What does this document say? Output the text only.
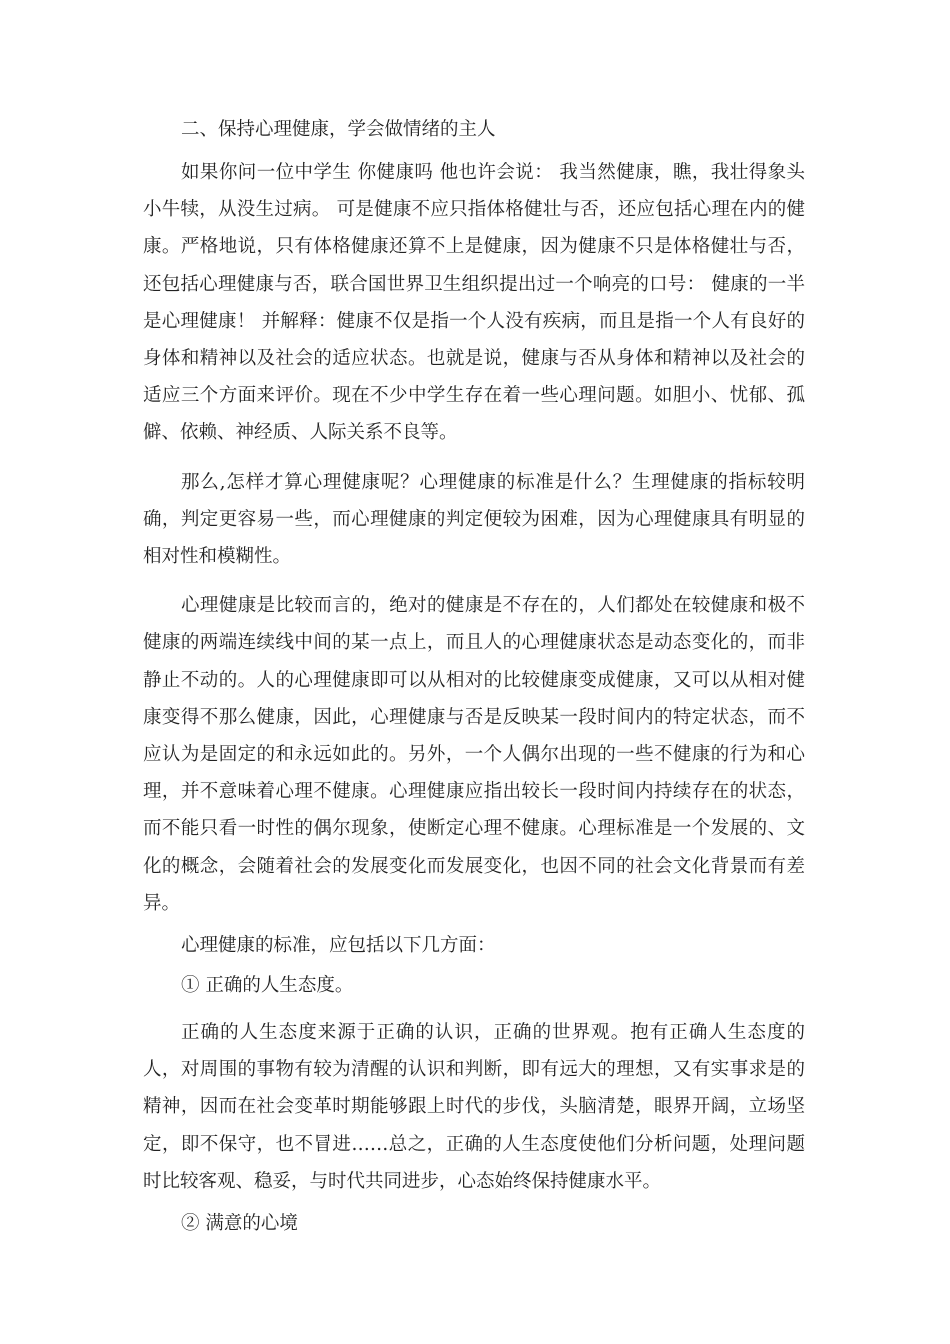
二、保持心理健康，学会做情绪的主人

如果你问一位中学生 你健康吗 他也许会说： 我当然健康，瞧，我壮得象头小牛犊，从没生过病。 可是健康不应只指体格健壮与否，还应包括心理在内的健康。严格地说，只有体格健康还算不上是健康，因为健康不只是体格健壮与否，还包括心理健康与否，联合国世界卫生组织提出过一个响亮的口号： 健康的一半是心理健康！ 并解释：健康不仅是指一个人没有疾病，而且是指一个人有良好的身体和精神以及社会的适应状态。也就是说，健康与否从身体和精神以及社会的适应三个方面来评价。现在不少中学生存在着一些心理问题。如胆小、忧郁、孤僻、依赖、神经质、人际关系不良等。

那么,怎样才算心理健康呢？心理健康的标准是什么？生理健康的指标较明确，判定更容易一些，而心理健康的判定便较为困难，因为心理健康具有明显的相对性和模糊性。

心理健康是比较而言的，绝对的健康是不存在的，人们都处在较健康和极不健康的两端连续线中间的某一点上，而且人的心理健康状态是动态变化的，而非静止不动的。人的心理健康即可以从相对的比较健康变成健康，又可以从相对健康变得不那么健康，因此，心理健康与否是反映某一段时间内的特定状态，而不应认为是固定的和永远如此的。另外，一个人偶尔出现的一些不健康的行为和心理，并不意味着心理不健康。心理健康应指出较长一段时间内持续存在的状态，而不能只看一时性的偶尔现象，使断定心理不健康。心理标准是一个发展的、文化的概念，会随着社会的发展变化而发展变化，也因不同的社会文化背景而有差异。

心理健康的标准，应包括以下几方面：

① 正确的人生态度。

正确的人生态度来源于正确的认识，正确的世界观。抱有正确人生态度的人，对周围的事物有较为清醒的认识和判断，即有远大的理想，又有实事求是的精神，因而在社会变革时期能够跟上时代的步伐，头脑清楚，眼界开阔，立场坚定，即不保守，也不冒进……总之，正确的人生态度使他们分析问题，处理问题时比较客观、稳妥，与时代共同进步，心态始终保持健康水平。

② 满意的心境
